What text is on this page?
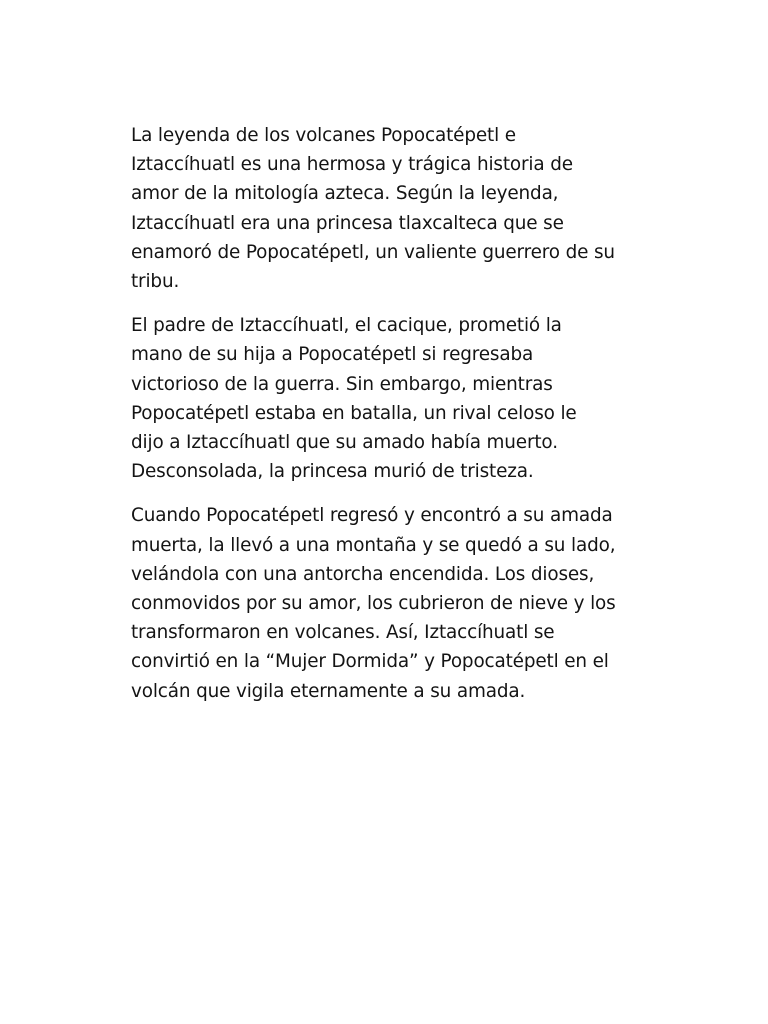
La leyenda de los volcanes Popocatépetl e
Iztaccíhuatl es una hermosa y trágica historia de
amor de la mitología azteca. Según la leyenda,
Iztaccíhuatl era una princesa tlaxcalteca que se
enamoró de Popocatépetl, un valiente guerrero de su
tribu.

El padre de Iztaccíhuatl, el cacique, prometió la
mano de su hija a Popocatépetl si regresaba
victorioso de la guerra. Sin embargo, mientras
Popocatépetl estaba en batalla, un rival celoso le
dijo a Iztaccíhuatl que su amado había muerto.
Desconsolada, la princesa murió de tristeza.

Cuando Popocatépetl regresó y encontró a su amada
muerta, la llevó a una montaña y se quedó a su lado,
velándola con una antorcha encendida. Los dioses,
conmovidos por su amor, los cubrieron de nieve y los
transformaron en volcanes. Así, Iztaccíhuatl se
convirtió en la “Mujer Dormida” y Popocatépetl en el
volcán que vigila eternamente a su amada.
